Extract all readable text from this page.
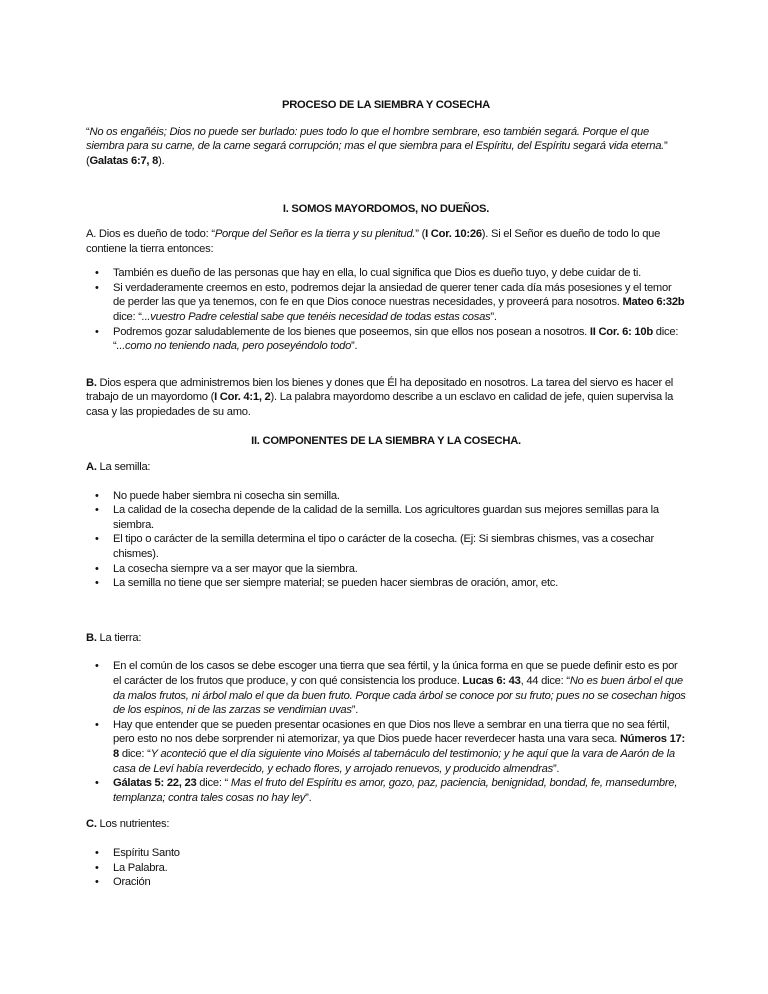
PROCESO DE LA SIEMBRA Y COSECHA

“No os engañéis; Dios no puede ser burlado: pues todo lo que el hombre sembrare, eso también segará. Porque el que siembra para su carne, de la carne segará corrupción; mas el que siembra para el Espíritu, del Espíritu segará vida eterna.” (Galatas 6:7, 8).

I. SOMOS MAYORDOMOS, NO DUEÑOS.

A. Dios es dueño de todo: “Porque del Señor es la tierra y su plenitud.” (I Cor. 10:26). Si el Señor es dueño de todo lo que contiene la tierra entonces:

• También es dueño de las personas que hay en ella, lo cual significa que Dios es dueño tuyo, y debe cuidar de ti.
• Si verdaderamente creemos en esto, podremos dejar la ansiedad de querer tener cada día más posesiones y el temor de perder las que ya tenemos, con fe en que Dios conoce nuestras necesidades, y proveerá para nosotros. Mateo 6:32b dice: “...vuestro Padre celestial sabe que tenéis necesidad de todas estas cosas”.
• Podremos gozar saludablemente de los bienes que poseemos, sin que ellos nos posean a nosotros. II Cor. 6: 10b dice: “...como no teniendo nada, pero poseyéndolo todo”.

B. Dios espera que administremos bien los bienes y dones que Él ha depositado en nosotros. La tarea del siervo es hacer el trabajo de un mayordomo (I Cor. 4:1, 2). La palabra mayordomo describe a un esclavo en calidad de jefe, quien supervisa la casa y las propiedades de su amo.

II. COMPONENTES DE LA SIEMBRA Y LA COSECHA.

A. La semilla:

• No puede haber siembra ni cosecha sin semilla.
• La calidad de la cosecha depende de la calidad de la semilla. Los agricultores guardan sus mejores semillas para la siembra.
• El tipo o carácter de la semilla determina el tipo o carácter de la cosecha. (Ej: Si siembras chismes, vas a cosechar chismes).
• La cosecha siempre va a ser mayor que la siembra.
• La semilla no tiene que ser siempre material; se pueden hacer siembras de oración, amor, etc.

B. La tierra:

• En el común de los casos se debe escoger una tierra que sea fértil, y la única forma en que se puede definir esto es por el carácter de los frutos que produce, y con qué consistencia los produce. Lucas 6: 43, 44 dice: “No es buen árbol el que da malos frutos, ni árbol malo el que da buen fruto. Porque cada árbol se conoce por su fruto; pues no se cosechan higos de los espinos, ni de las zarzas se vendimian uvas”.
• Hay que entender que se pueden presentar ocasiones en que Dios nos lleve a sembrar en una tierra que no sea fértil, pero esto no nos debe sorprender ni atemorizar, ya que Dios puede hacer reverdecer hasta una vara seca. Números 17: 8 dice: “Y aconteció que el día siguiente vino Moisés al tabernáculo del testimonio; y he aquí que la vara de Aarón de la casa de Leví había reverdecido, y echado flores, y arrojado renuevos, y producido almendras”.
• Gálatas 5: 22, 23 dice: “ Mas el fruto del Espíritu es amor, gozo, paz, paciencia, benignidad, bondad, fe, mansedumbre, templanza; contra tales cosas no hay ley”.

C. Los nutrientes:

• Espíritu Santo
• La Palabra.
• Oración
